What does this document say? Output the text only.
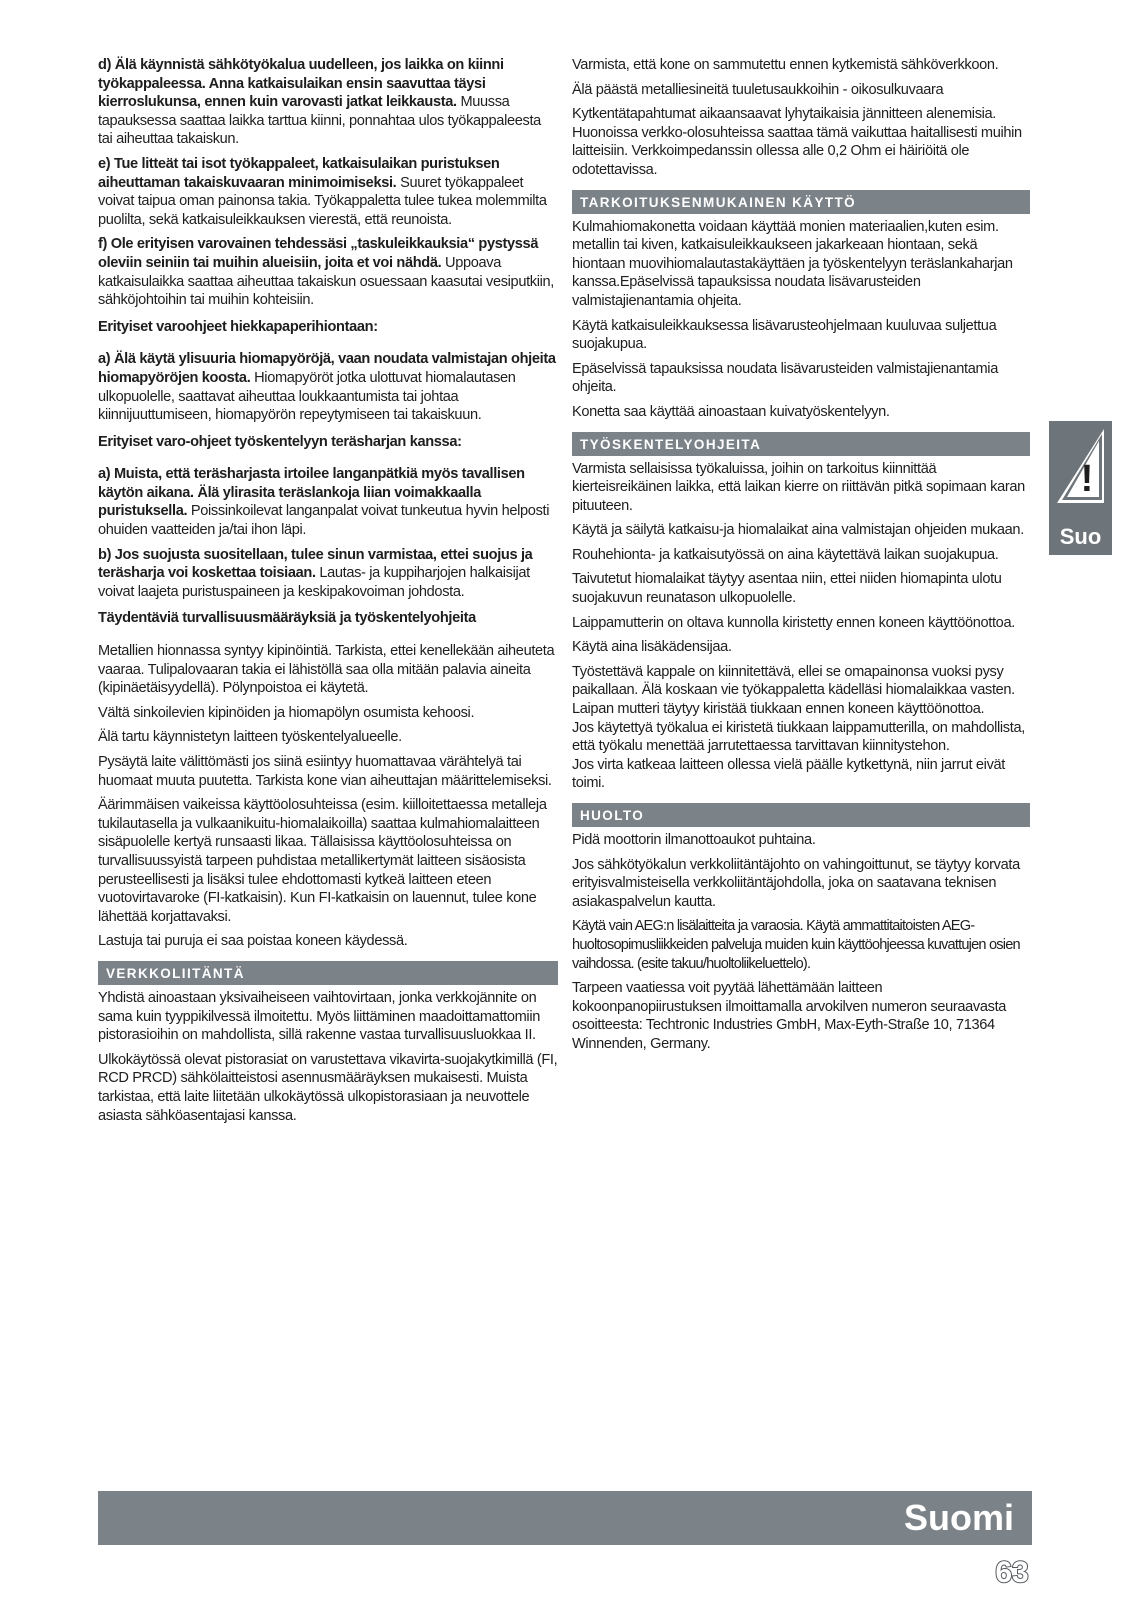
d) Älä käynnistä sähkötyökalua uudelleen, jos laikka on kiinni työkappaleessa. Anna katkaisulaikan ensin saavuttaa täysi kierroslukunsa, ennen kuin varovasti jatkat leikkausta. Muussa tapauksessa saattaa laikka tarttua kiinni, ponnahtaa ulos työkappaleesta tai aiheuttaa takaiskun.

e) Tue litteät tai isot työkappaleet, katkaisulaikan puristuksen aiheuttaman takaiskuvaaran minimoimiseksi. Suuret työkappaleet voivat taipua oman painonsa takia. Työkappaletta tulee tukea molemmilta puolilta, sekä katkaisuleikkauksen vierestä, että reunoista.

f) Ole erityisen varovainen tehdessäsi „taskuleikkauksia“ pystyssä oleviin seiniin tai muihin alueisiin, joita et voi nähdä. Uppoava katkaisulaikka saattaa aiheuttaa takaiskun osuessaan kaasutai vesiputkiin, sähköjohtoihin tai muihin kohteisiin.

Erityiset varoohjeet hiekkapaperihiontaan:

a) Älä käytä ylisuuria hiomapyöröjä, vaan noudata valmistajan ohjeita hiomapyöröjen koosta. Hiomapyöröt jotka ulottuvat hiomalautasen ulkopuolelle, saattavat aiheuttaa loukkaantumista tai johtaa kiinnijuuttumiseen, hiomapyörön repeytymiseen tai takaiskuun.

Erityiset varo-ohjeet työskentelyyn teräsharjan kanssa:

a) Muista, että teräsharjasta irtoilee langanpätkiä myös tavallisen käytön aikana. Älä ylirasita teräslankoja liian voimakkaalla puristuksella. Poissinkoilevat langanpalat voivat tunkeutua hyvin helposti ohuiden vaatteiden ja/tai ihon läpi.

b) Jos suojusta suositellaan, tulee sinun varmistaa, ettei suojus ja teräsharja voi koskettaa toisiaan. Lautas- ja kuppiharjojen halkaisijat voivat laajeta puristuspaineen ja keskipakovoiman johdosta.

Täydentäviä turvallisuusmääräyksiä ja työskentelyohjeita

Metallien hionnassa syntyy kipinöintiä. Tarkista, ettei kenellekään aiheuteta vaaraa. Tulipalovaaran takia ei lähistöllä saa olla mitään palavia aineita (kipinäetäisyydellä). Pölynpoistoa ei käytetä.

Vältä sinkoilevien kipinöiden ja hiomapölyn osumista kehoosi.

Älä tartu käynnistetyn laitteen työskentelyalueelle.

Pysäytä laite välittömästi jos siinä esiintyy huomattavaa värähtelyä tai huomaat muuta puutetta. Tarkista kone vian aiheuttajan määrittelemiseksi.

Äärimmäisen vaikeissa käyttöolosuhteissa (esim. kiilloitettaessa metalleja tukilautasella ja vulkaanikuitu-hiomalaikoilla) saattaa kulmahiomalaitteen sisäpuolelle kertyä runsaasti likaa. Tällaisissa käyttöolosuhteissa on turvallisuussyistä tarpeen puhdistaa metallikertymät laitteen sisäosista perusteellisesti ja lisäksi tulee ehdottomasti kytkeä laitteen eteen vuotovirtavaroke (FI-katkaisin). Kun FI-katkaisin on lauennut, tulee kone lähettää korjattavaksi.

Lastuja tai puruja ei saa poistaa koneen käydessä.

VERKKOLIITÄNTÄ

Yhdistä ainoastaan yksivaiheiseen vaihtovirtaan, jonka verkkojännite on sama kuin tyyppikilvessä ilmoitettu. Myös liittäminen maadoittamattomiin pistorasioihin on mahdollista, sillä rakenne vastaa turvallisuusluokkaa II.

Ulkokäytössä olevat pistorasiat on varustettava vikavirta-suojakytkimillä (FI, RCD PRCD) sähkölaitteistosi asennusmääräyksen mukaisesti. Muista tarkistaa, että laite liitetään ulkokäytössä ulkopistorasiaan ja neuvottele asiasta sähköasentajasi kanssa.

Varmista, että kone on sammutettu ennen kytkemistä sähköverkkoon.

Älä päästä metalliesineitä tuuletusaukkoihin - oikosulkuvaara

Kytkentätapahtumat aikaansaavat lyhytaikaisia jännitteen alenemisia. Huonoissa verkko-olosuhteissa saattaa tämä vaikuttaa haitallisesti muihin laitteisiin. Verkkoimpedanssin ollessa alle 0,2 Ohm ei häiriöitä ole odotettavissa.

TARKOITUKSENMUKAINEN KÄYTTÖ

Kulmahiomakonetta voidaan käyttää monien materiaalien,kuten esim. metallin tai kiven, katkaisuleikkaukseen jakarkeaan hiontaan, sekä hiontaan muovihiomalautastakäyttäen ja työskentelyyn teräslankaharjan kanssa.Epäselvissä tapauksissa noudata lisävarusteiden valmistajienantamia ohjeita.

Käytä katkaisuleikkauksessa lisävarusteohjelmaan kuuluvaa suljettua suojakupua.

Epäselvissä tapauksissa noudata lisävarusteiden valmistajienantamia ohjeita.

Konetta saa käyttää ainoastaan kuivatyöskentelyyn.

TYÖSKENTELYOHJEITA

Varmista sellaisissa työkaluissa, joihin on tarkoitus kiinnittää kierteisreikäinen laikka, että laikan kierre on riittävän pitkä sopimaan karan pituuteen.

Käytä ja säilytä katkaisu-ja hiomalaikat aina valmistajan ohjeiden mukaan.

Rouhehionta- ja katkaisutyössä on aina käytettävä laikan suojakupua.

Taivutetut hiomalaikat täytyy asentaa niin, ettei niiden hiomapinta ulotu suojakuvun reunatason ulkopuolelle.

Laippamutterin on oltava kunnolla kiristetty ennen koneen käyttöönottoa.

Käytä aina lisäkädensijaa.

Työstettävä kappale on kiinnitettävä, ellei se omapainonsa vuoksi pysy paikallaan. Älä koskaan vie työkappaletta kädelläsi hiomalaikkaa vasten.

Laipan mutteri täytyy kiristää tiukkaan ennen koneen käyttöönottoa.

Jos käytettyä työkalua ei kiristetä tiukkaan laippamutterilla, on mahdollista, että työkalu menettää jarrutettaessa tarvittavan kiinnitystehon.

Jos virta katkeaa laitteen ollessa vielä päälle kytkettynä, niin jarrut eivät toimi.

HUOLTO

Pidä moottorin ilmanottoaukot puhtaina.

Jos sähkötyökalun verkkoliitäntäjohto on vahingoittunut, se täytyy korvata erityisvalmisteisella verkkoliitäntäjohdolla, joka on saatavana teknisen asiakaspalvelun kautta.

Käytä vain AEG:n lisälaitteita ja varaosia. Käytä ammattitaitoisten AEG-huoltosopimusliikkeiden palveluja muiden kuin käyttöohjeessa kuvattujen osien vaihdossa. (esite takuu/huoltoliikeluettelo).

Tarpeen vaatiessa voit pyytää lähettämään laitteen kokoonpanopiirustuksen ilmoittamalla arvokilven numeron seuraavasta osoitteesta: Techtronic Industries GmbH, Max-Eyth-Straße 10, 71364 Winnenden, Germany.

!
Suo
Suomi
63
